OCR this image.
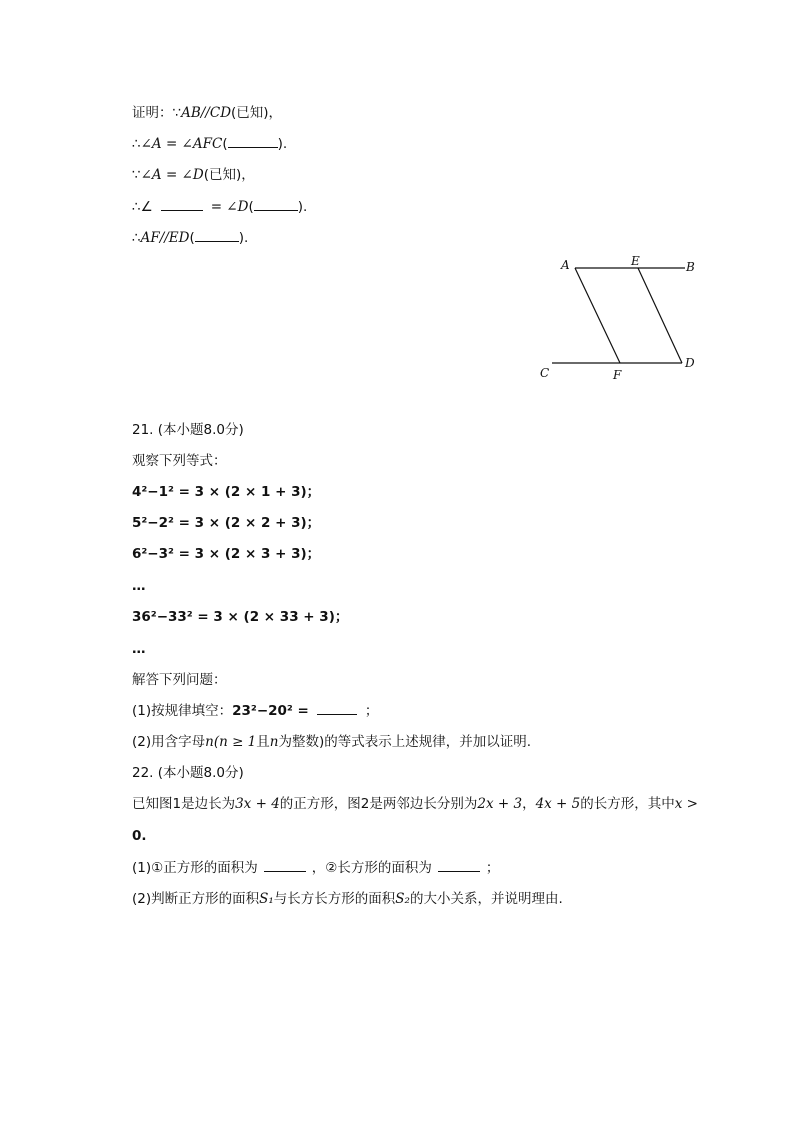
证明：∵AB//CD(已知)，
∴∠A = ∠AFC(	).
∵∠A = ∠D(已知)，
∴∠	= ∠D(	).
∴AF//ED(	).
A	E	B
C	F
D
21. (本小题8.0分)
观察下列等式：
4²−1² = 3 × (2 × 1 + 3)；
5²−2² = 3 × (2 × 2 + 3)；
6²−3² = 3 × (2 × 3 + 3)；
…
36²−33² = 3 × (2 × 33 + 3)；
…
解答下列问题：
(1)按规律填空：23²−20² =	；
(2)用含字母n(n ≥ 1且n为整数)的等式表示上述规律，并加以证明.
22. (本小题8.0分)
已知图1是边长为3x + 4的正方形，图2是两邻边长分别为2x + 3，4x + 5的长方形，其中x >
0.
(1)①正方形的面积为	，②长方形的面积为	；
(2)判断正方形的面积S₁与长方长方形的面积S₂的大小关系，并说明理由.
